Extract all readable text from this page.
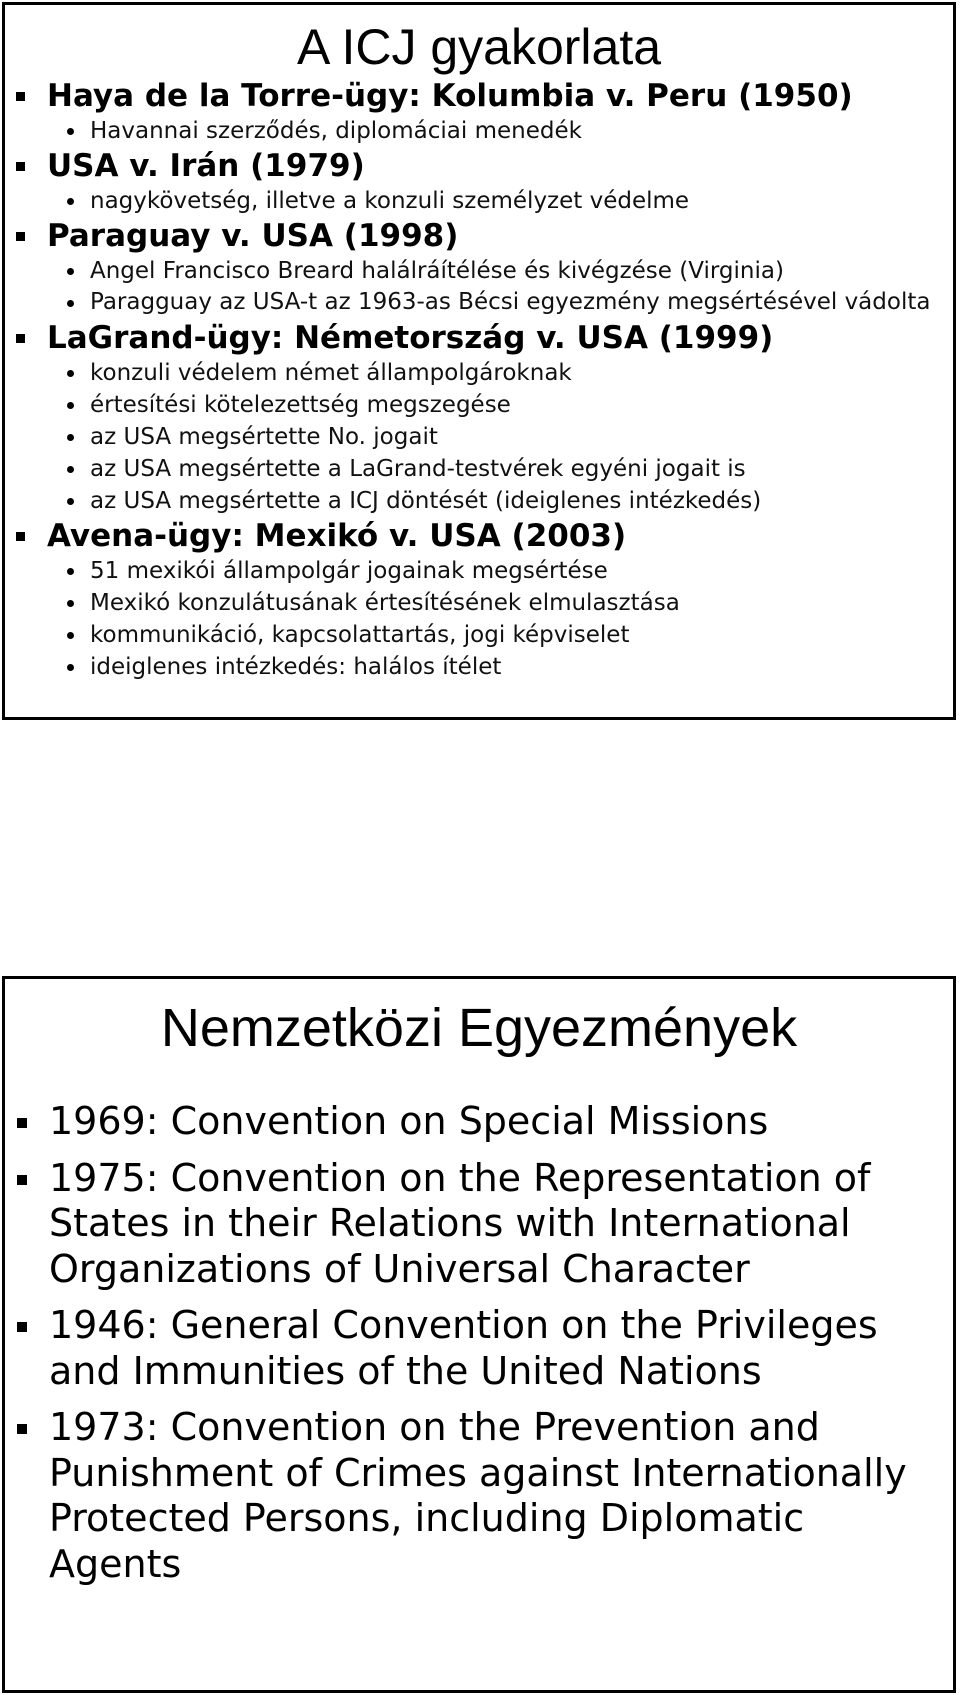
A ICJ gyakorlata
Haya de la Torre-ügy: Kolumbia v. Peru (1950)
Havannai szerződés, diplomáciai menedék
USA v. Irán (1979)
nagykövetség, illetve a konzuli személyzet védelme
Paraguay v. USA (1998)
Angel Francisco Breard halálráítélése és kivégzése (Virginia)
Paragguay az USA-t az 1963-as Bécsi egyezmény megsértésével vádolta
LaGrand-ügy: Németország v. USA (1999)
konzuli védelem német állampolgároknak
értesítési kötelezettség megszegése
az USA megsértette No. jogait
az USA megsértette a LaGrand-testvérek egyéni jogait is
az USA megsértette a ICJ döntését (ideiglenes intézkedés)
Avena-ügy: Mexikó v. USA (2003)
51 mexikói állampolgár jogainak megsértése
Mexikó konzulátusának értesítésének elmulasztása
kommunikáció, kapcsolattartás, jogi képviselet
ideiglenes intézkedés: halálos ítélet
Nemzetközi Egyezmények
1969: Convention on Special Missions
1975: Convention on the Representation of States in their Relations with International Organizations of Universal Character
1946: General Convention on the Privileges and Immunities of the United Nations
1973: Convention on the Prevention and Punishment of Crimes against Internationally Protected Persons, including Diplomatic Agents
